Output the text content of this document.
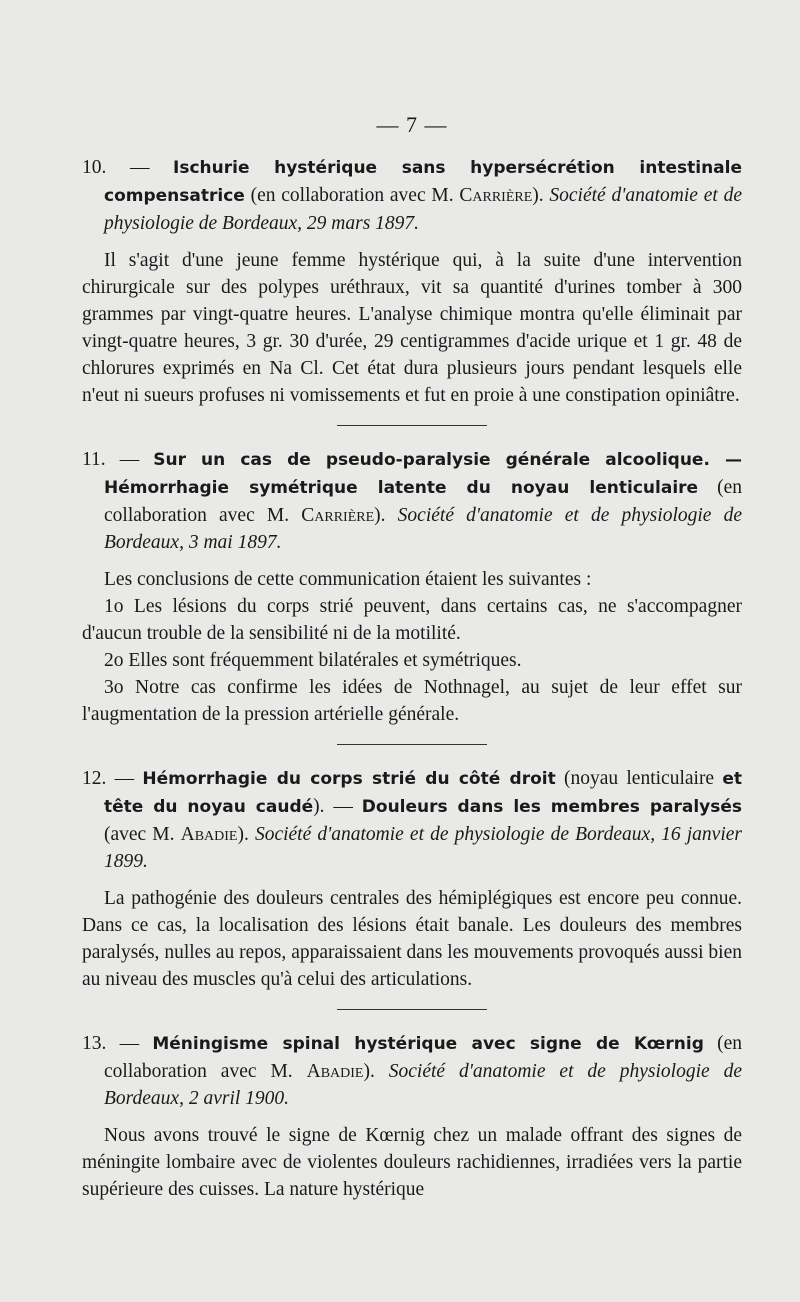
— 7 —

10. — Ischurie hystérique sans hypersécrétion intestinale compensatrice (en collaboration avec M. Carrière). Société d'anatomie et de physiologie de Bordeaux, 29 mars 1897.

Il s'agit d'une jeune femme hystérique qui, à la suite d'une intervention chirurgicale sur des polypes uréthraux, vit sa quantité d'urines tomber à 300 grammes par vingt-quatre heures. L'analyse chimique montra qu'elle éliminait par vingt-quatre heures, 3 gr. 30 d'urée, 29 centigrammes d'acide urique et 1 gr. 48 de chlorures exprimés en Na Cl. Cet état dura plusieurs jours pendant lesquels elle n'eut ni sueurs profuses ni vomissements et fut en proie à une constipation opiniâtre.

11. — Sur un cas de pseudo-paralysie générale alcoolique. — Hémorrhagie symétrique latente du noyau lenticulaire (en collaboration avec M. Carrière). Société d'anatomie et de physiologie de Bordeaux, 3 mai 1897.

Les conclusions de cette communication étaient les suivantes :

1o Les lésions du corps strié peuvent, dans certains cas, ne s'accompagner d'aucun trouble de la sensibilité ni de la motilité.

2o Elles sont fréquemment bilatérales et symétriques.

3o Notre cas confirme les idées de Nothnagel, au sujet de leur effet sur l'augmentation de la pression artérielle générale.

12. — Hémorrhagie du corps strié du côté droit (noyau lenticulaire et tête du noyau caudé). — Douleurs dans les membres paralysés (avec M. Abadie). Société d'anatomie et de physiologie de Bordeaux, 16 janvier 1899.

La pathogénie des douleurs centrales des hémiplégiques est encore peu connue. Dans ce cas, la localisation des lésions était banale. Les douleurs des membres paralysés, nulles au repos, apparaissaient dans les mouvements provoqués aussi bien au niveau des muscles qu'à celui des articulations.

13. — Méningisme spinal hystérique avec signe de Kœrnig (en collaboration avec M. Abadie). Société d'anatomie et de physiologie de Bordeaux, 2 avril 1900.

Nous avons trouvé le signe de Kœrnig chez un malade offrant des signes de méningite lombaire avec de violentes douleurs rachidiennes, irradiées vers la partie supérieure des cuisses. La nature hystérique
